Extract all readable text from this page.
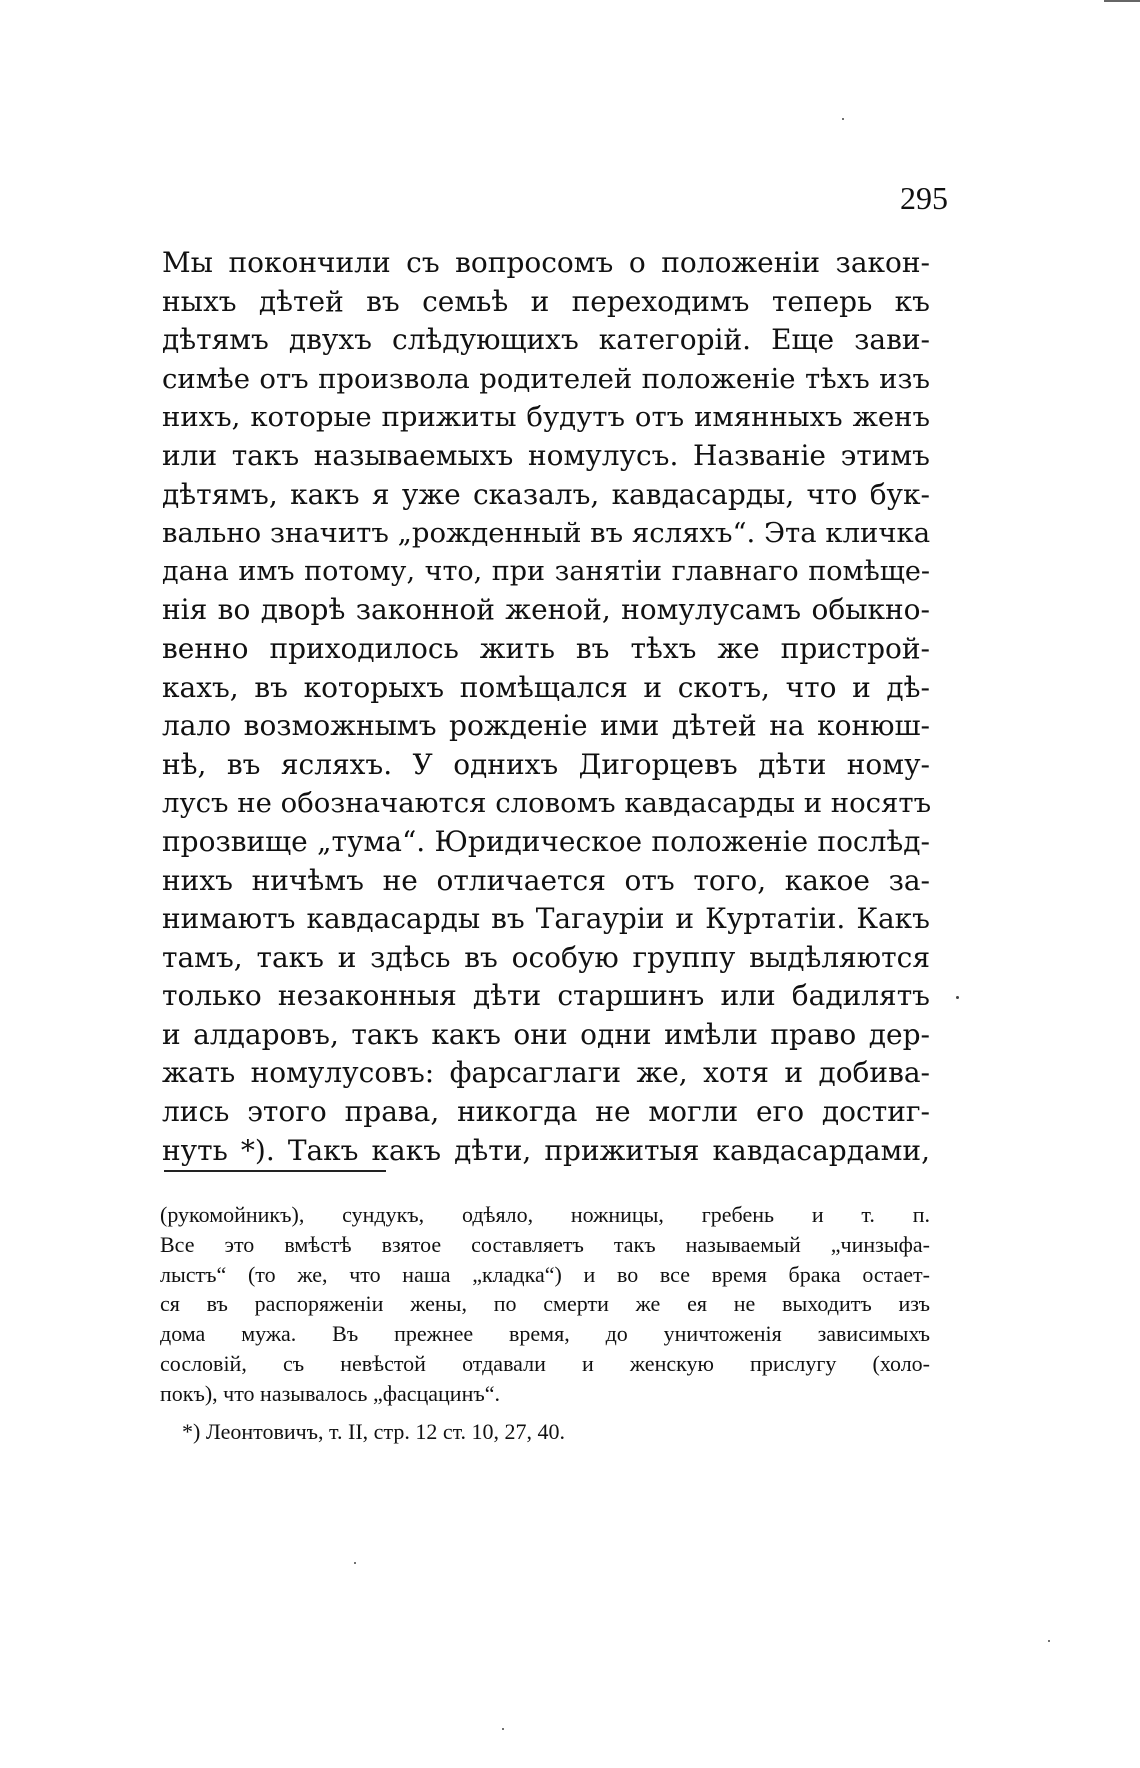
295
Мы покончили съ вопросомъ о положенiи закон-
ныхъ дѣтей въ семьѣ и переходимъ теперь къ
дѣтямъ двухъ слѣдующихъ категорiй. Еще зави-
симѣе отъ произвола родителей положенiе тѣхъ изъ
нихъ, которые прижиты будутъ отъ имянныхъ женъ
или такъ называемыхъ номулусъ. Названiе этимъ
дѣтямъ, какъ я уже сказалъ, кавдасарды, что бук-
вально значитъ „рожденный въ ясляхъ“. Эта кличка
дана имъ потому, что, при занятiи главнаго помѣще-
нiя во дворѣ законной женой, номулусамъ обыкно-
венно приходилось жить въ тѣхъ же пристрой-
кахъ, въ которыхъ помѣщался и скотъ, что и дѣ-
лало возможнымъ рожденiе ими дѣтей на конюш-
нѣ, въ ясляхъ. У однихъ Дигорцевъ дѣти ному-
лусъ не обозначаются словомъ кавдасарды и носятъ
прозвище „тума“. Юридическое положенiе послѣд-
нихъ ничѣмъ не отличается отъ того, какое за-
нимаютъ кавдасарды въ Тагаурiи и Куртатiи. Какъ
тамъ, такъ и здѣсь въ особую группу выдѣляются
только незаконныя дѣти старшинъ или бадилятъ
и алдаровъ, такъ какъ они одни имѣли право дер-
жать номулусовъ: фарсаглаги же, хотя и добива-
лись этого права, никогда не могли его достиг-
нуть *). Такъ какъ дѣти, прижитыя кавдасардами,
(рукомойникъ), сундукъ, одѣяло, ножницы, гребень и т. п.
Все это вмѣстѣ взятое составляетъ такъ называемый „чинзыфа-
лыстъ“ (то же, что наша „кладка“) и во все время брака остает-
ся въ распоряженiи жены, по смерти же ея не выходитъ изъ
дома мужа. Въ прежнее время, до уничтоженiя зависимыхъ
сословiй, съ невѣстой отдавали и женскую прислугу (холо-
покъ), что называлось „фасцацинъ“.
*) Леонтовичъ, т. II, стр. 12 ст. 10, 27, 40.
